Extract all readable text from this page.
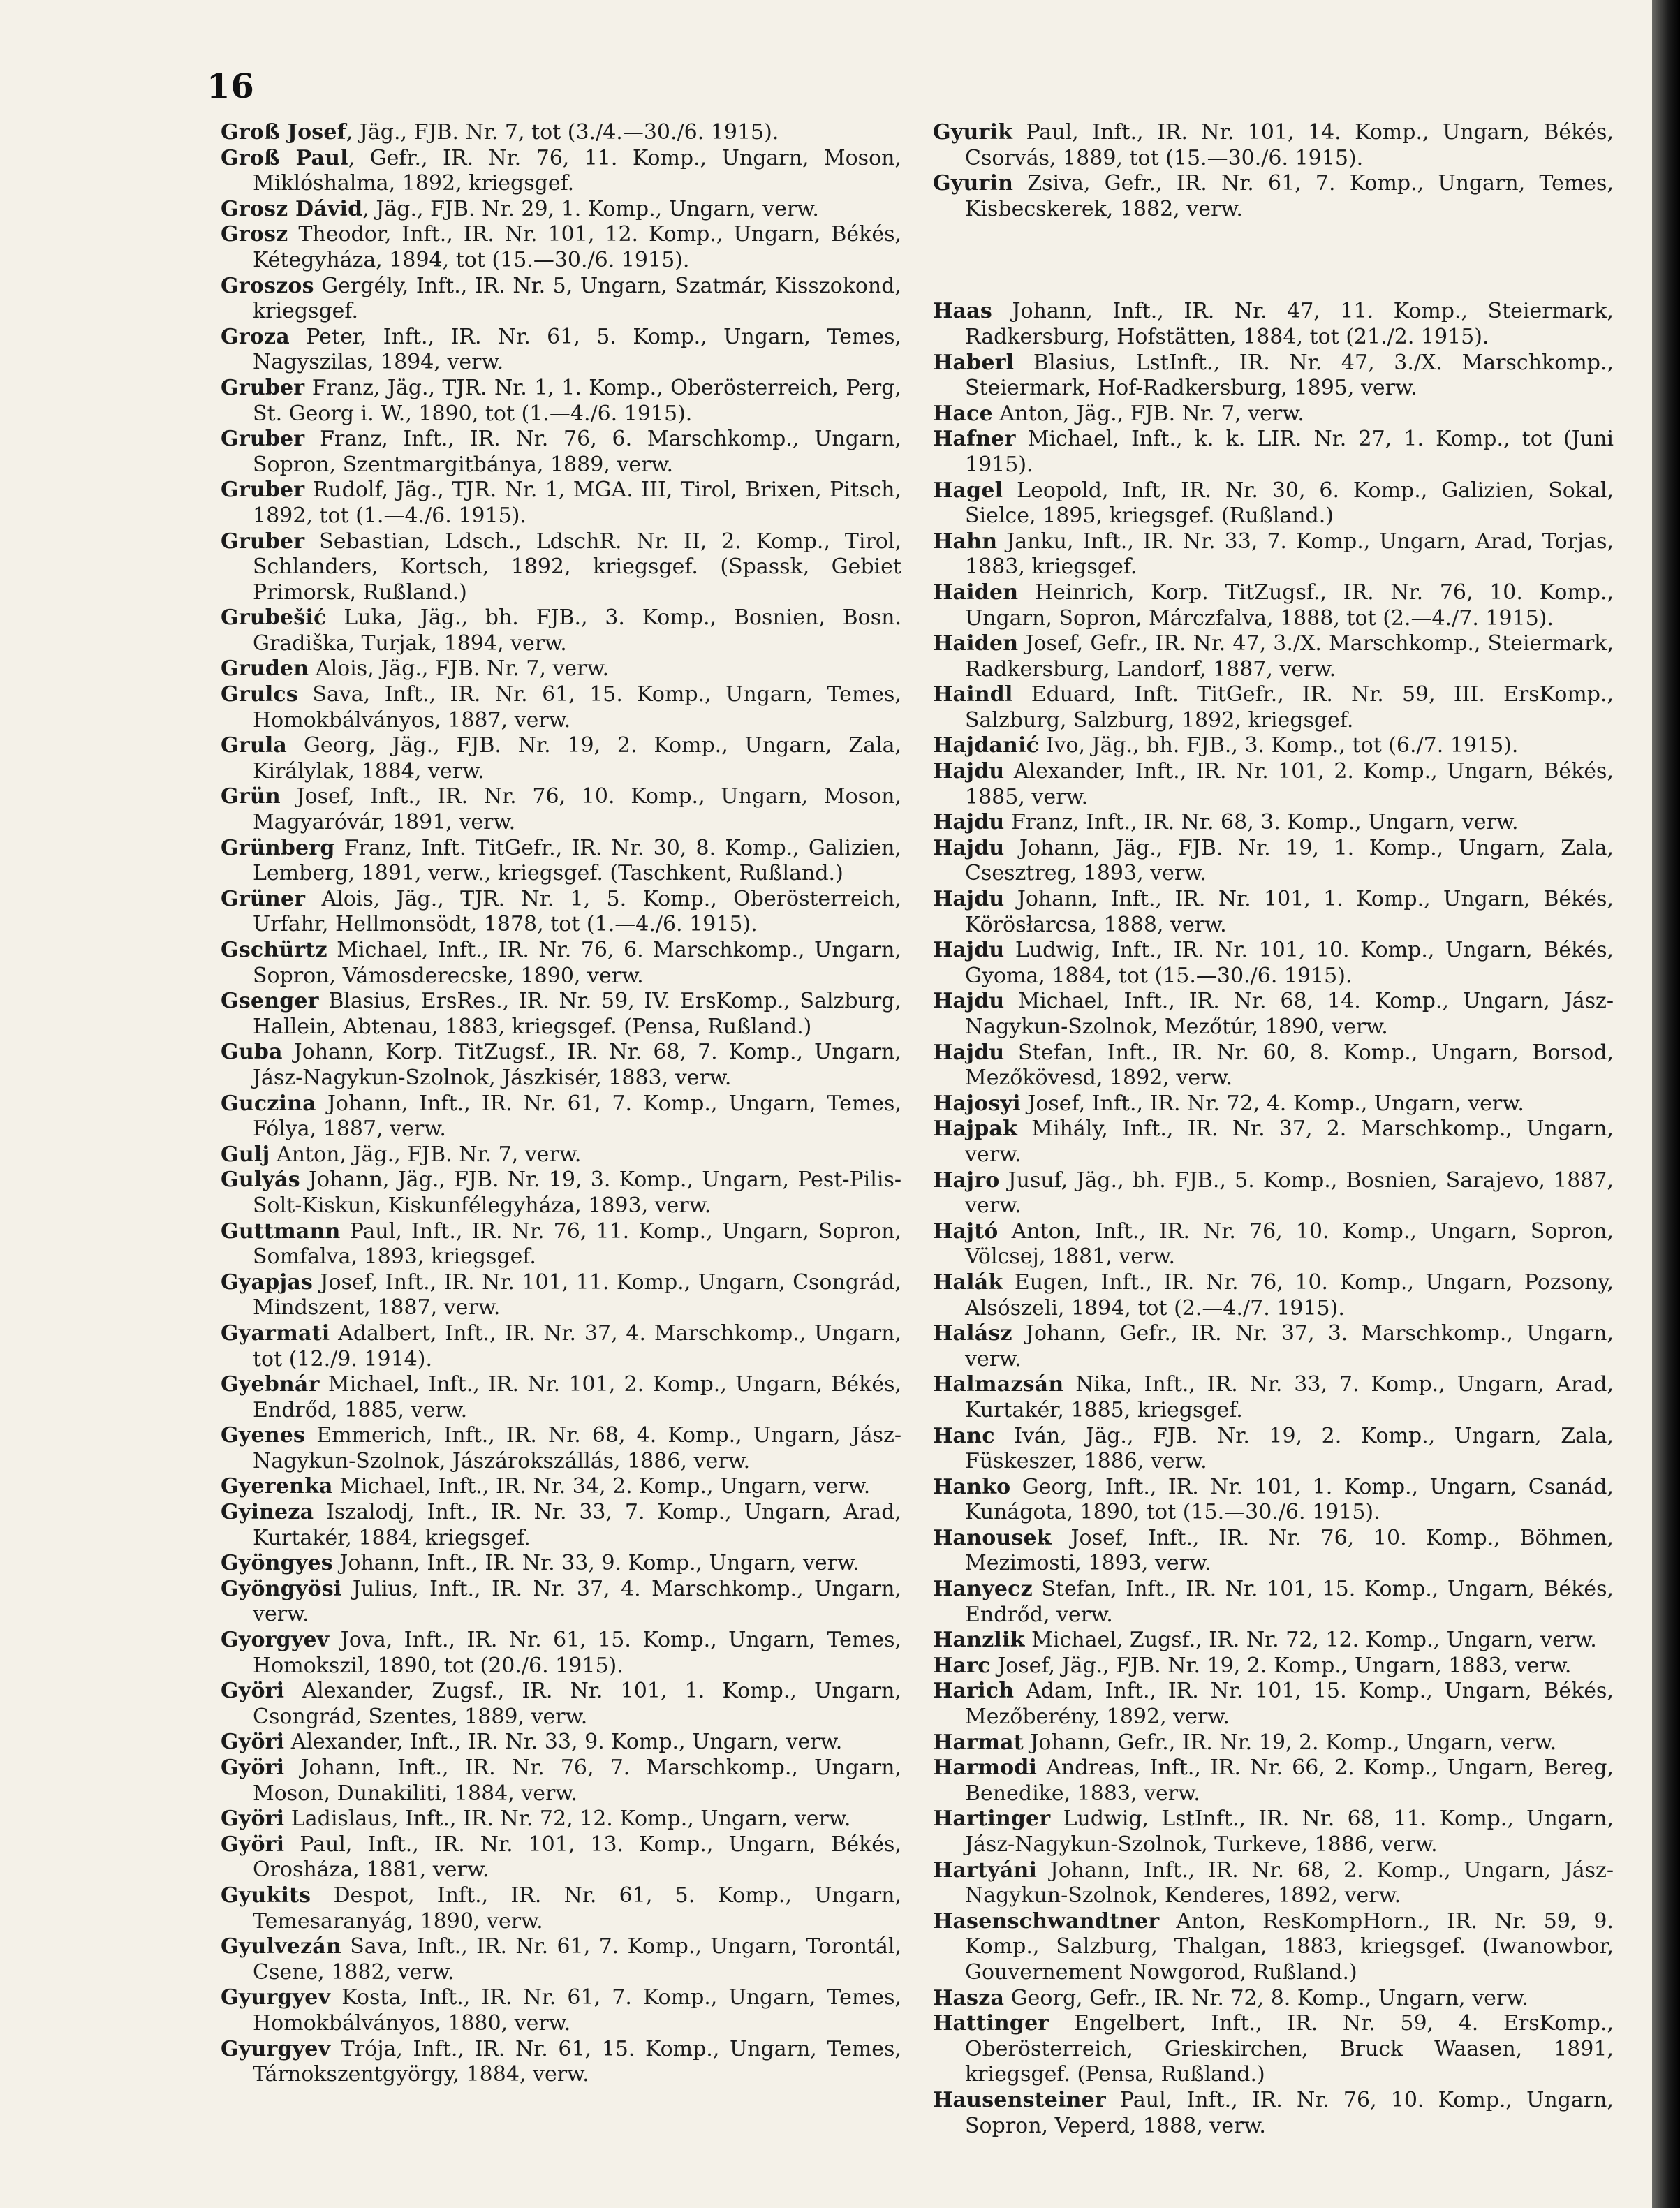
16

Groß Josef, Jäg., FJB. Nr. 7, tot (3./4.—30./6. 1915).

Groß Paul, Gefr., IR. Nr. 76, 11. Komp., Ungarn, Moson, Miklóshalma, 1892, kriegsgef.

Grosz Dávid, Jäg., FJB. Nr. 29, 1. Komp., Ungarn, verw.

Grosz Theodor, Inft., IR. Nr. 101, 12. Komp., Ungarn, Békés, Kétegyháza, 1894, tot (15.—30./6. 1915).

Groszos Gergély, Inft., IR. Nr. 5, Ungarn, Szatmár, Kisszokond, kriegsgef.

Groza Peter, Inft., IR. Nr. 61, 5. Komp., Ungarn, Temes, Nagyszilas, 1894, verw.

Gruber Franz, Jäg., TJR. Nr. 1, 1. Komp., Oberösterreich, Perg, St. Georg i. W., 1890, tot (1.—4./6. 1915).

Gruber Franz, Inft., IR. Nr. 76, 6. Marschkomp., Ungarn, Sopron, Szentmargitbánya, 1889, verw.

Gruber Rudolf, Jäg., TJR. Nr. 1, MGA. III, Tirol, Brixen, Pitsch, 1892, tot (1.—4./6. 1915).

Gruber Sebastian, Ldsch., LdschR. Nr. II, 2. Komp., Tirol, Schlanders, Kortsch, 1892, kriegsgef. (Spassk, Gebiet Primorsk, Rußland.)

Grubešić Luka, Jäg., bh. FJB., 3. Komp., Bosnien, Bosn. Gradiška, Turjak, 1894, verw.

Gruden Alois, Jäg., FJB. Nr. 7, verw.

Grulcs Sava, Inft., IR. Nr. 61, 15. Komp., Ungarn, Temes, Homokbálványos, 1887, verw.

Grula Georg, Jäg., FJB. Nr. 19, 2. Komp., Ungarn, Zala, Királylak, 1884, verw.

Grün Josef, Inft., IR. Nr. 76, 10. Komp., Ungarn, Moson, Magyaróvár, 1891, verw.

Grünberg Franz, Inft. TitGefr., IR. Nr. 30, 8. Komp., Galizien, Lemberg, 1891, verw., kriegsgef. (Taschkent, Rußland.)

Grüner Alois, Jäg., TJR. Nr. 1, 5. Komp., Oberösterreich, Urfahr, Hellmonsödt, 1878, tot (1.—4./6. 1915).

Gschürtz Michael, Inft., IR. Nr. 76, 6. Marschkomp., Ungarn, Sopron, Vámosderecske, 1890, verw.

Gsenger Blasius, ErsRes., IR. Nr. 59, IV. ErsKomp., Salzburg, Hallein, Abtenau, 1883, kriegsgef. (Pensa, Rußland.)

Guba Johann, Korp. TitZugsf., IR. Nr. 68, 7. Komp., Ungarn, Jász-Nagykun-Szolnok, Jászkisér, 1883, verw.

Guczina Johann, Inft., IR. Nr. 61, 7. Komp., Ungarn, Temes, Fólya, 1887, verw.

Gulj Anton, Jäg., FJB. Nr. 7, verw.

Gulyás Johann, Jäg., FJB. Nr. 19, 3. Komp., Ungarn, Pest-Pilis-Solt-Kiskun, Kiskunfélegyháza, 1893, verw.

Guttmann Paul, Inft., IR. Nr. 76, 11. Komp., Ungarn, Sopron, Somfalva, 1893, kriegsgef.

Gyapjas Josef, Inft., IR. Nr. 101, 11. Komp., Ungarn, Csongrád, Mindszent, 1887, verw.

Gyarmati Adalbert, Inft., IR. Nr. 37, 4. Marschkomp., Ungarn, tot (12./9. 1914).

Gyebnár Michael, Inft., IR. Nr. 101, 2. Komp., Ungarn, Békés, Endrőd, 1885, verw.

Gyenes Emmerich, Inft., IR. Nr. 68, 4. Komp., Ungarn, Jász-Nagykun-Szolnok, Jászárokszállás, 1886, verw.

Gyerenka Michael, Inft., IR. Nr. 34, 2. Komp., Ungarn, verw.

Gyineza Iszalodj, Inft., IR. Nr. 33, 7. Komp., Ungarn, Arad, Kurtakér, 1884, kriegsgef.

Gyöngyes Johann, Inft., IR. Nr. 33, 9. Komp., Ungarn, verw.

Gyöngyösi Julius, Inft., IR. Nr. 37, 4. Marschkomp., Ungarn, verw.

Gyorgyev Jova, Inft., IR. Nr. 61, 15. Komp., Ungarn, Temes, Homokszil, 1890, tot (20./6. 1915).

Györi Alexander, Zugsf., IR. Nr. 101, 1. Komp., Ungarn, Csongrád, Szentes, 1889, verw.

Györi Alexander, Inft., IR. Nr. 33, 9. Komp., Ungarn, verw.

Györi Johann, Inft., IR. Nr. 76, 7. Marschkomp., Ungarn, Moson, Dunakiliti, 1884, verw.

Györi Ladislaus, Inft., IR. Nr. 72, 12. Komp., Ungarn, verw.

Györi Paul, Inft., IR. Nr. 101, 13. Komp., Ungarn, Békés, Orosháza, 1881, verw.

Gyukits Despot, Inft., IR. Nr. 61, 5. Komp., Ungarn, Temesaranyág, 1890, verw.

Gyulvezán Sava, Inft., IR. Nr. 61, 7. Komp., Ungarn, Torontál, Csene, 1882, verw.

Gyurgyev Kosta, Inft., IR. Nr. 61, 7. Komp., Ungarn, Temes, Homokbálványos, 1880, verw.

Gyurgyev Trója, Inft., IR. Nr. 61, 15. Komp., Ungarn, Temes, Tárnokszentgyörgy, 1884, verw.

Gyurik Paul, Inft., IR. Nr. 101, 14. Komp., Ungarn, Békés, Csorvás, 1889, tot (15.—30./6. 1915).

Gyurin Zsiva, Gefr., IR. Nr. 61, 7. Komp., Ungarn, Temes, Kisbecskerek, 1882, verw.

Haas Johann, Inft., IR. Nr. 47, 11. Komp., Steiermark, Radkersburg, Hofstätten, 1884, tot (21./2. 1915).

Haberl Blasius, LstInft., IR. Nr. 47, 3./X. Marschkomp., Steiermark, Hof-Radkersburg, 1895, verw.

Hace Anton, Jäg., FJB. Nr. 7, verw.

Hafner Michael, Inft., k. k. LIR. Nr. 27, 1. Komp., tot (Juni 1915).

Hagel Leopold, Inft, IR. Nr. 30, 6. Komp., Galizien, Sokal, Sielce, 1895, kriegsgef. (Rußland.)

Hahn Janku, Inft., IR. Nr. 33, 7. Komp., Ungarn, Arad, Torjas, 1883, kriegsgef.

Haiden Heinrich, Korp. TitZugsf., IR. Nr. 76, 10. Komp., Ungarn, Sopron, Márczfalva, 1888, tot (2.—4./7. 1915).

Haiden Josef, Gefr., IR. Nr. 47, 3./X. Marschkomp., Steiermark, Radkersburg, Landorf, 1887, verw.

Haindl Eduard, Inft. TitGefr., IR. Nr. 59, III. ErsKomp., Salzburg, Salzburg, 1892, kriegsgef.

Hajdanić Ivo, Jäg., bh. FJB., 3. Komp., tot (6./7. 1915).

Hajdu Alexander, Inft., IR. Nr. 101, 2. Komp., Ungarn, Békés, 1885, verw.

Hajdu Franz, Inft., IR. Nr. 68, 3. Komp., Ungarn, verw.

Hajdu Johann, Jäg., FJB. Nr. 19, 1. Komp., Ungarn, Zala, Csesztreg, 1893, verw.

Hajdu Johann, Inft., IR. Nr. 101, 1. Komp., Ungarn, Békés, Körösłarcsa, 1888, verw.

Hajdu Ludwig, Inft., IR. Nr. 101, 10. Komp., Ungarn, Békés, Gyoma, 1884, tot (15.—30./6. 1915).

Hajdu Michael, Inft., IR. Nr. 68, 14. Komp., Ungarn, Jász-Nagykun-Szolnok, Mezőtúr, 1890, verw.

Hajdu Stefan, Inft., IR. Nr. 60, 8. Komp., Ungarn, Borsod, Mezőkövesd, 1892, verw.

Hajosyi Josef, Inft., IR. Nr. 72, 4. Komp., Ungarn, verw.

Hajpak Mihály, Inft., IR. Nr. 37, 2. Marschkomp., Ungarn, verw.

Hajro Jusuf, Jäg., bh. FJB., 5. Komp., Bosnien, Sarajevo, 1887, verw.

Hajtó Anton, Inft., IR. Nr. 76, 10. Komp., Ungarn, Sopron, Völcsej, 1881, verw.

Halák Eugen, Inft., IR. Nr. 76, 10. Komp., Ungarn, Pozsony, Alsószeli, 1894, tot (2.—4./7. 1915).

Halász Johann, Gefr., IR. Nr. 37, 3. Marschkomp., Ungarn, verw.

Halmazsán Nika, Inft., IR. Nr. 33, 7. Komp., Ungarn, Arad, Kurtakér, 1885, kriegsgef.

Hanc Iván, Jäg., FJB. Nr. 19, 2. Komp., Ungarn, Zala, Füskeszer, 1886, verw.

Hanko Georg, Inft., IR. Nr. 101, 1. Komp., Ungarn, Csanád, Kunágota, 1890, tot (15.—30./6. 1915).

Hanousek Josef, Inft., IR. Nr. 76, 10. Komp., Böhmen, Mezimosti, 1893, verw.

Hanyecz Stefan, Inft., IR. Nr. 101, 15. Komp., Ungarn, Békés, Endrőd, verw.

Hanzlik Michael, Zugsf., IR. Nr. 72, 12. Komp., Ungarn, verw.

Harc Josef, Jäg., FJB. Nr. 19, 2. Komp., Ungarn, 1883, verw.

Harich Adam, Inft., IR. Nr. 101, 15. Komp., Ungarn, Békés, Mezőberény, 1892, verw.

Harmat Johann, Gefr., IR. Nr. 19, 2. Komp., Ungarn, verw.

Harmodi Andreas, Inft., IR. Nr. 66, 2. Komp., Ungarn, Bereg, Benedike, 1883, verw.

Hartinger Ludwig, LstInft., IR. Nr. 68, 11. Komp., Ungarn, Jász-Nagykun-Szolnok, Turkeve, 1886, verw.

Hartyáni Johann, Inft., IR. Nr. 68, 2. Komp., Ungarn, Jász-Nagykun-Szolnok, Kenderes, 1892, verw.

Hasenschwandtner Anton, ResKompHorn., IR. Nr. 59, 9. Komp., Salzburg, Thalgan, 1883, kriegsgef. (Iwanowbor, Gouvernement Nowgorod, Rußland.)

Hasza Georg, Gefr., IR. Nr. 72, 8. Komp., Ungarn, verw.

Hattinger Engelbert, Inft., IR. Nr. 59, 4. ErsKomp., Oberösterreich, Grieskirchen, Bruck Waasen, 1891, kriegsgef. (Pensa, Rußland.)

Hausensteiner Paul, Inft., IR. Nr. 76, 10. Komp., Ungarn, Sopron, Veperd, 1888, verw.
